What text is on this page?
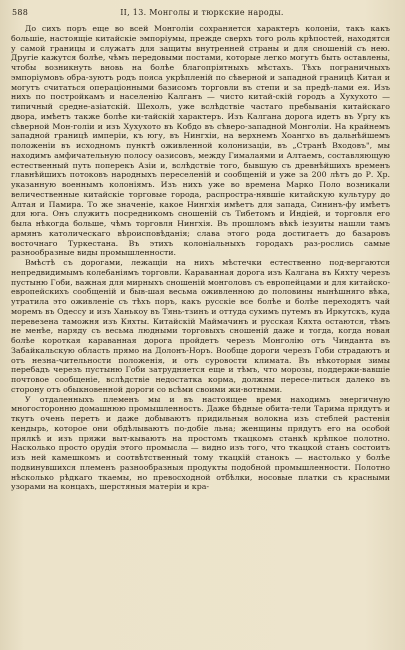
588	II, 13. Монголы и тюркские народы.

До сихъ поръ еще во всей Монголіи сохраняется характеръ колоніи, такъ какъ большіе, настоящіе китайскіе эмпоріумы, прежде сверхъ того роль крѣпостей, находятся у самой границы и служатъ для защиты внутренней страны и для сношеній съ нею. Другіе кажутся болѣе, чѣмъ передовыми постами, которые легко могутъ быть оставлены, чтобы возникнуть вновь на болѣе благопріятныхъ мѣстахъ. Тѣхъ пограничныхъ эмпоріумовъ обра-зуютъ родъ пояса укрѣпленій по сѣверной и западной границѣ Китая и могутъ считаться операціонными базисомъ торговли въ степи и за предѣ-лами ея. Изъ нихъ по постройкамъ и населенію Калганъ — чисто китай-скій городъ а Хухухото — типичный средне-азіатскій. Шехолъ, уже вслѣдствіе частаго пребыванія китайскаго двора, имѣетъ также болѣе ки-тайскій характеръ. Изъ Калгана дорога идетъ въ Ургу къ сѣверной Мон-голіи и изъ Хухухото въ Кобдо въ сѣверо-западной Монголіи. На крайнемъ западной границѣ имперіи, къ югу, въ Нингхіи, на верхнемъ Хоангхо въ дальнѣйшемъ положеніи въ исходномъ пунктѣ оживленной колонизаціи, въ „Странѣ Входовъ", мы находимъ амфичательную полосу оазисовъ, между Гималаями и Алтаемъ, составляющую естественный путь поперекъ Азіи и, вслѣдствіе того, бывшую съ древнѣйшихъ временъ главнѣйшихъ потоковъ народныхъ переселеній и сообщеній и уже за 200 лѣтъ до Р. Хр. указанную военнымъ колоніямъ. Изъ нихъ уже во времена Марко Поло возникали величественные китайскіе торговые города, распростра-нявшіе китайскую культуру до Алтая и Памира. То же значеніе, какое Нингхія имѣетъ для запада, Сининъ-фу имѣетъ для юга. Онъ служитъ посредникомъ сношеній съ Тибетомъ и Индіей, и торговля его была нѣкогда больше, чѣмъ торговля Нингхія. Въ прошломъ вѣкѣ іезуиты нашли тамъ армянъ католическаго вѣроисповѣданія; слава этого рода достигаетъ до базаровъ восточнаго Туркестана. Въ этихъ колоніальныхъ городахъ раз-рослись самые разнообразные виды промышленности.

Вмѣстѣ съ дорогами, лежащіи на нихъ мѣстечки естественно под-вергаются непредвидимымъ колебаніямъ торговли. Караванная дорога изъ Калгана въ Кяхту черезъ пустыню Гоби, важная для мирныхъ сношеній монголовъ съ европейцами и для китайско-европейскихъ сообщеній и быв-шая весьма оживленною до половины нынѣшняго вѣка, утратила это оживленіе съ тѣхъ поръ, какъ русскіе все болѣе и болѣе переходятъ чай моремъ въ Одессу и изъ Ханькоу въ Тянь-тзинъ и оттуда сухимъ путемъ въ Иркутскъ, куда перевезена таможня изъ Кяхты. Китайскій Маймачинъ и русская Кяхта остаются, тѣмъ не менѣе, наряду съ весьма людными торговыхъ сношеній даже и тогда, когда новая болѣе короткая караванная дорога пройдетъ черезъ Монголію отъ Чинданта въ Забайкальскую область прямо на Долонъ-Норъ. Вообще дороги черезъ Гоби страдаютъ и отъ незна-чительности положенія, и отъ суровости климата. Въ нѣкоторыя зимы перебадъ черезъ пустыню Гоби затрудняется еще и тѣмъ, что морозы, поддержи-вавшіе почтовое сообщеніе, вслѣдствіе недостатка корма, должны пересе-литься далеко въ сторону отъ обыкновенной дороги со всѣми своими жи-вотными.

У отдаленныхъ племенъ мы и въ настоящее время находимъ энергичную многосторонню домашнюю промышленность. Даже бѣдные обита-тели Тарима прядутъ и ткутъ очень перетъ и даже добываютъ придильныя волокна изъ стеблей растенія кендырь, которое они обдѣлываютъ по-добіе льна; женщины прядутъ его на особой прялкѣ и изъ пряжи выт-кываютъ на простомъ ткацкомъ станкѣ крѣпкое полотно. Насколько просто орудія этого промысла — видно изъ того, что ткацкой станъ состоитъ изъ ней камешкомъ и соотвѣтственный тому ткацкій станокъ — настолько у болѣе подвинувшихся племенъ разнообразныя продукты подобной промышленности. Полотно нѣсколько рѣдкаго ткаемы, но превосходной отбѣлки, носовые платки съ красными узорами на концахъ, шерстяныя матеріи и кра-
